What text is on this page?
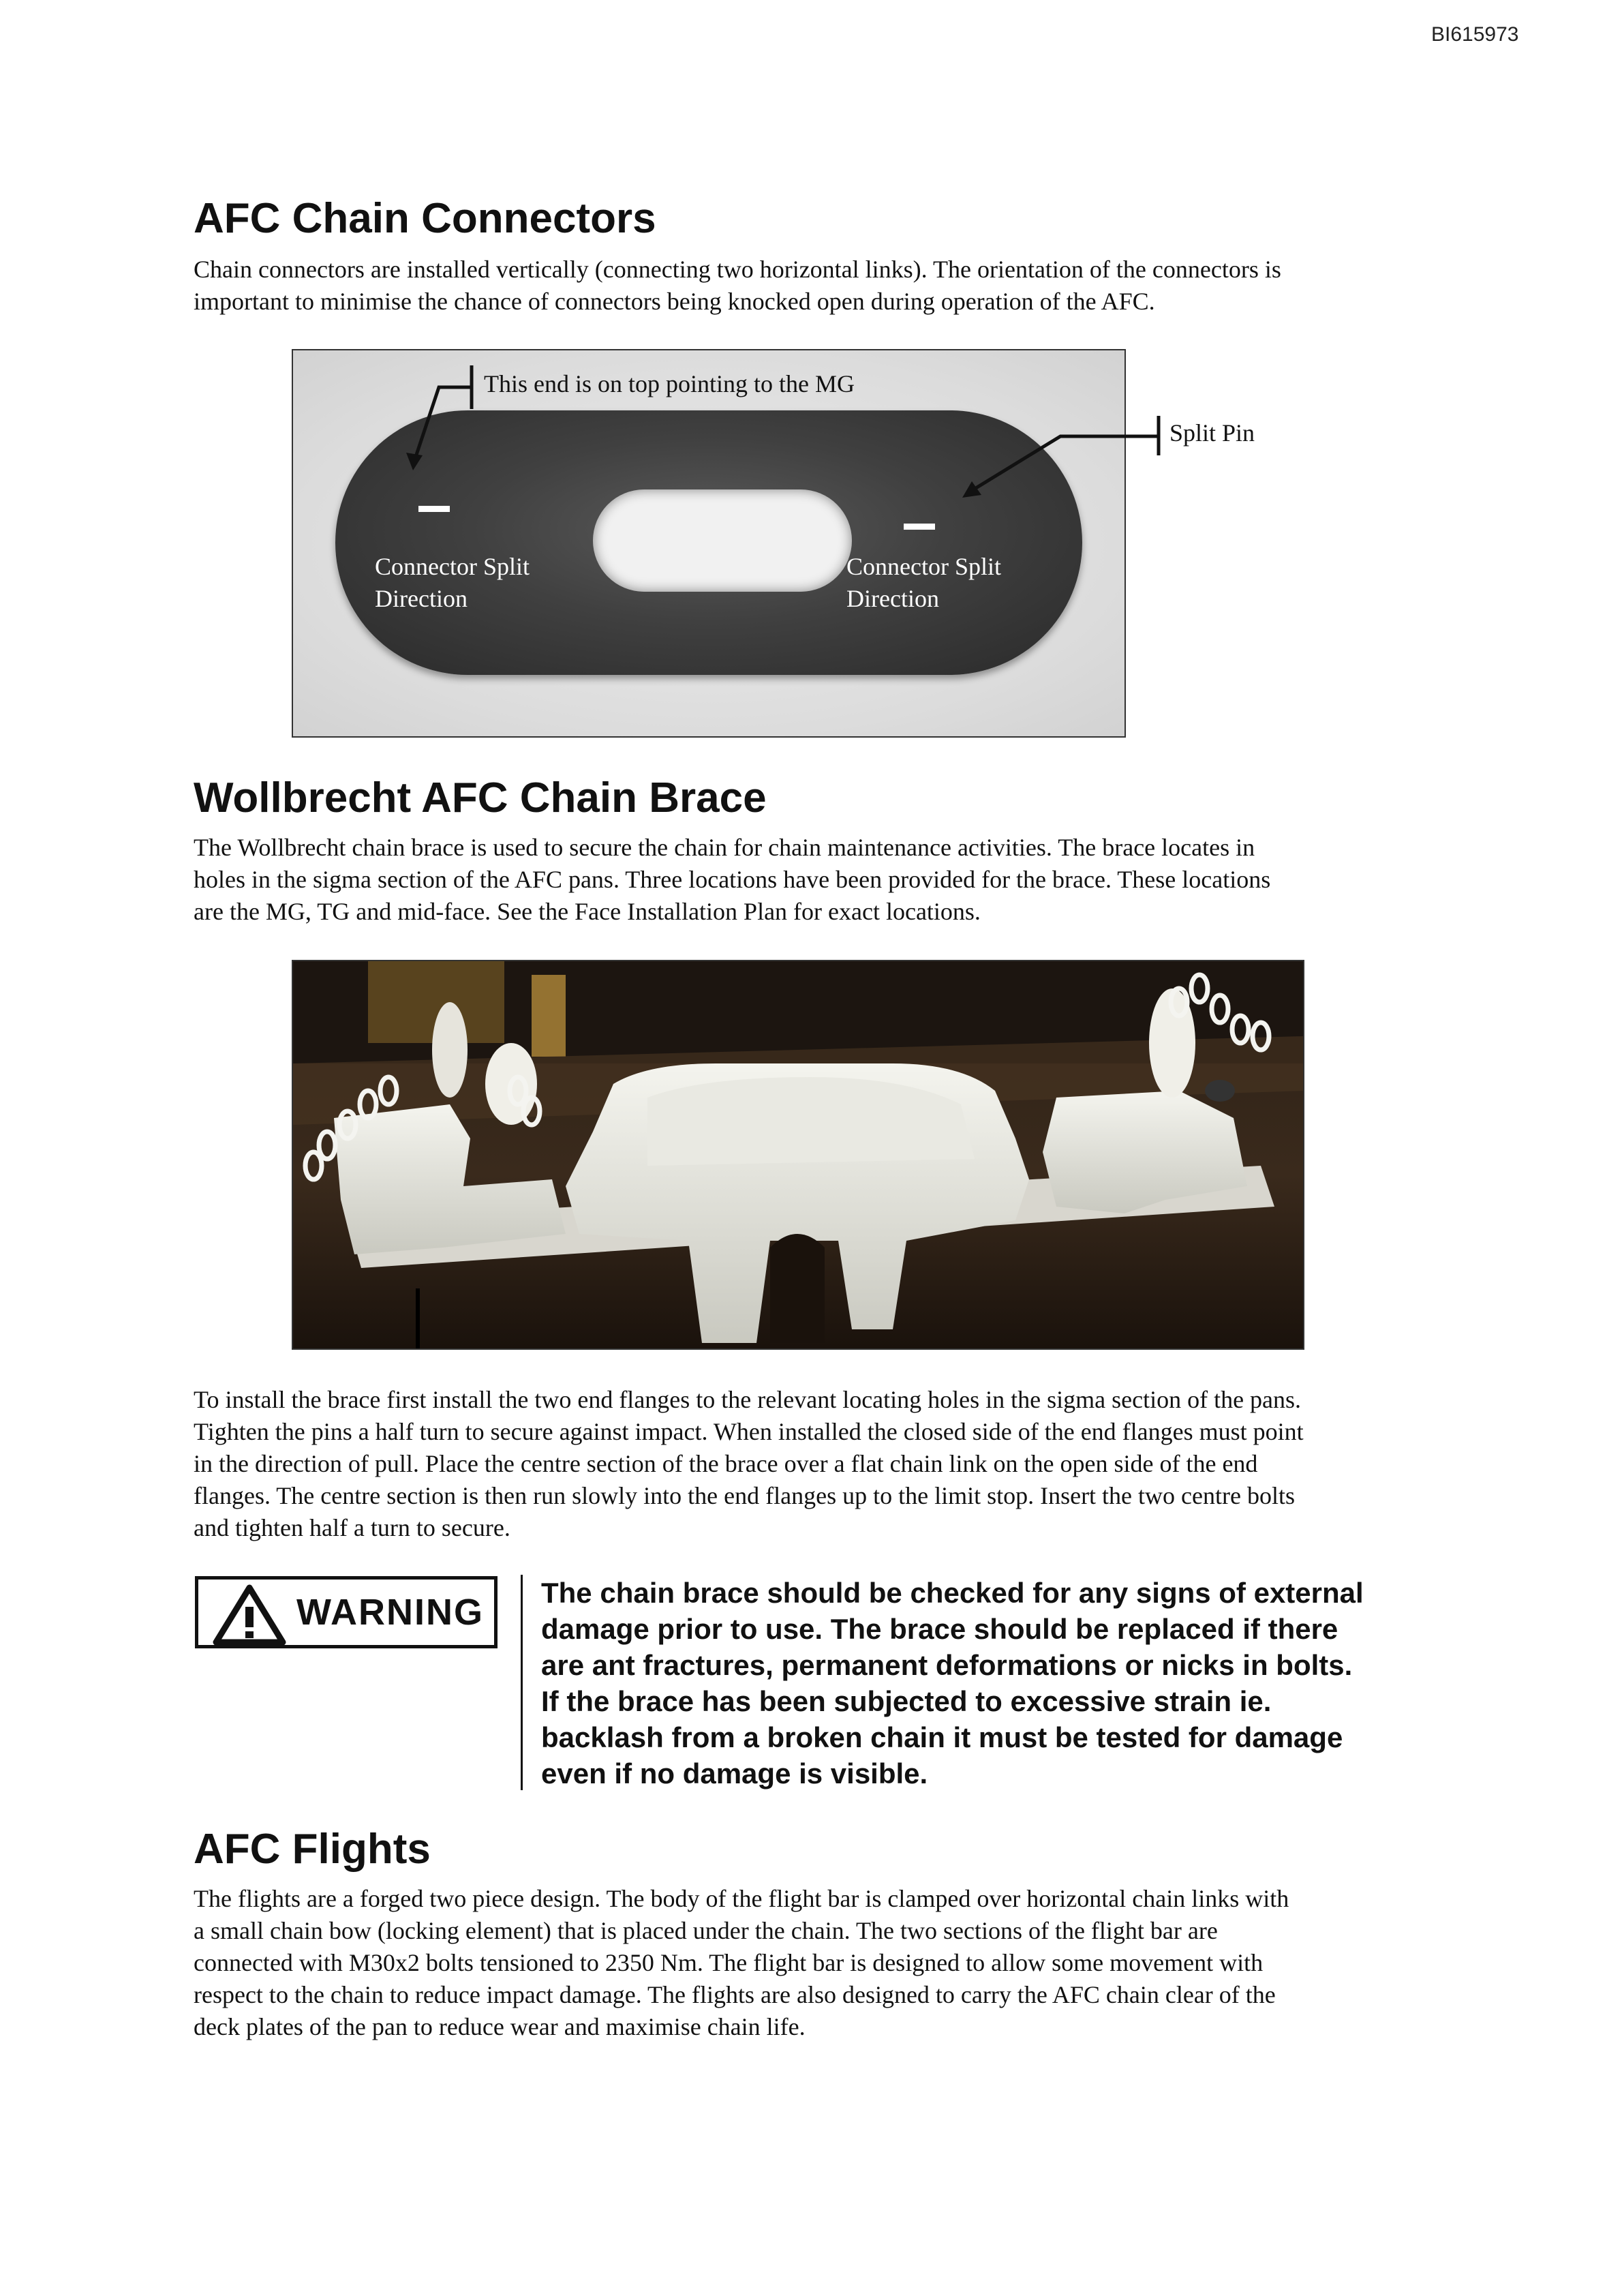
BI615973
AFC Chain Connectors
Chain connectors are installed vertically (connecting two horizontal links). The orientation of the connectors is
important to minimise the chance of connectors being knocked open during operation of the AFC.
This end is on top pointing to the MG
Connector Split
Direction
Connector Split
Direction
Split Pin
Wollbrecht AFC Chain Brace
The Wollbrecht chain brace is used to secure the chain for chain maintenance activities. The brace locates in
holes in the sigma section of the AFC pans. Three locations have been provided for the brace. These locations
are the MG, TG and mid-face. See the Face Installation Plan for exact locations.
To install the brace first install the two end flanges to the relevant locating holes in the sigma section of the pans.
Tighten the pins a half turn to secure against impact. When installed the closed side of the end flanges must point
in the direction of pull. Place the centre section of the brace over a flat chain link on the open side of the end
flanges. The centre section is then run slowly into the end flanges up to the limit stop. Insert the two centre bolts
and tighten half a turn to secure.
WARNING The chain brace should be checked for any signs of external
damage prior to use. The brace should be replaced if there
are ant fractures, permanent deformations or nicks in bolts.
If the brace has been subjected to excessive strain ie.
backlash from a broken chain it must be tested for damage
even if no damage is visible.
AFC Flights
The flights are a forged two piece design. The body of the flight bar is clamped over horizontal chain links with
a small chain bow (locking element) that is placed under the chain. The two sections of the flight bar are
connected with M30x2 bolts tensioned to 2350 Nm. The flight bar is designed to allow some movement with
respect to the chain to reduce impact damage. The flights are also designed to carry the AFC chain clear of the
deck plates of the pan to reduce wear and maximise chain life.
